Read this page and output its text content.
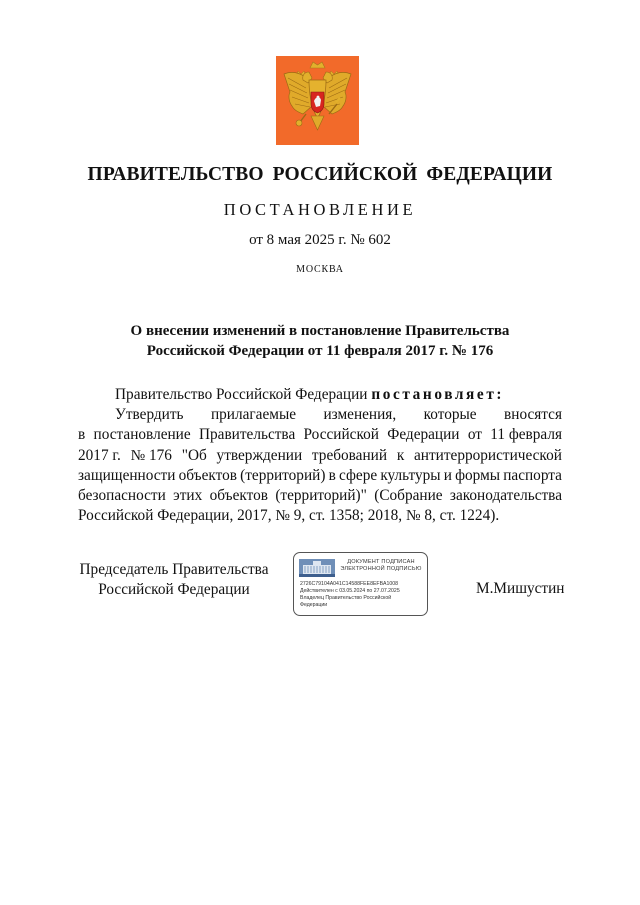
ПРАВИТЕЛЬСТВО РОССИЙСКОЙ ФЕДЕРАЦИИ
ПОСТАНОВЛЕНИЕ
от 8 мая 2025 г. № 602
МОСКВА
О внесении изменений в постановление Правительства
Российской Федерации от 11 февраля 2017 г. № 176
Правительство Российской Федерации постановляет:
Утвердить прилагаемые изменения, которые вносятся
в постановление Правительства Российской Федерации от 11 февраля
2017 г. № 176 "Об утверждении требований к антитеррористической
защищенности объектов (территорий) в сфере культуры и формы паспорта
безопасности этих объектов (территорий)" (Собрание законодательства
Российской Федерации, 2017, № 9, ст. 1358; 2018, № 8, ст. 1224).
Председатель Правительства
Российской Федерации
ДОКУМЕНТ ПОДПИСАН
ЭЛЕКТРОННОЙ ПОДПИСЬЮ
2726C79104A041C14588FEE8EFBA1008
Действителен с 03.05.2024 по 27.07.2025
Владелец Правительство Российской
Федерации
М.Мишустин
